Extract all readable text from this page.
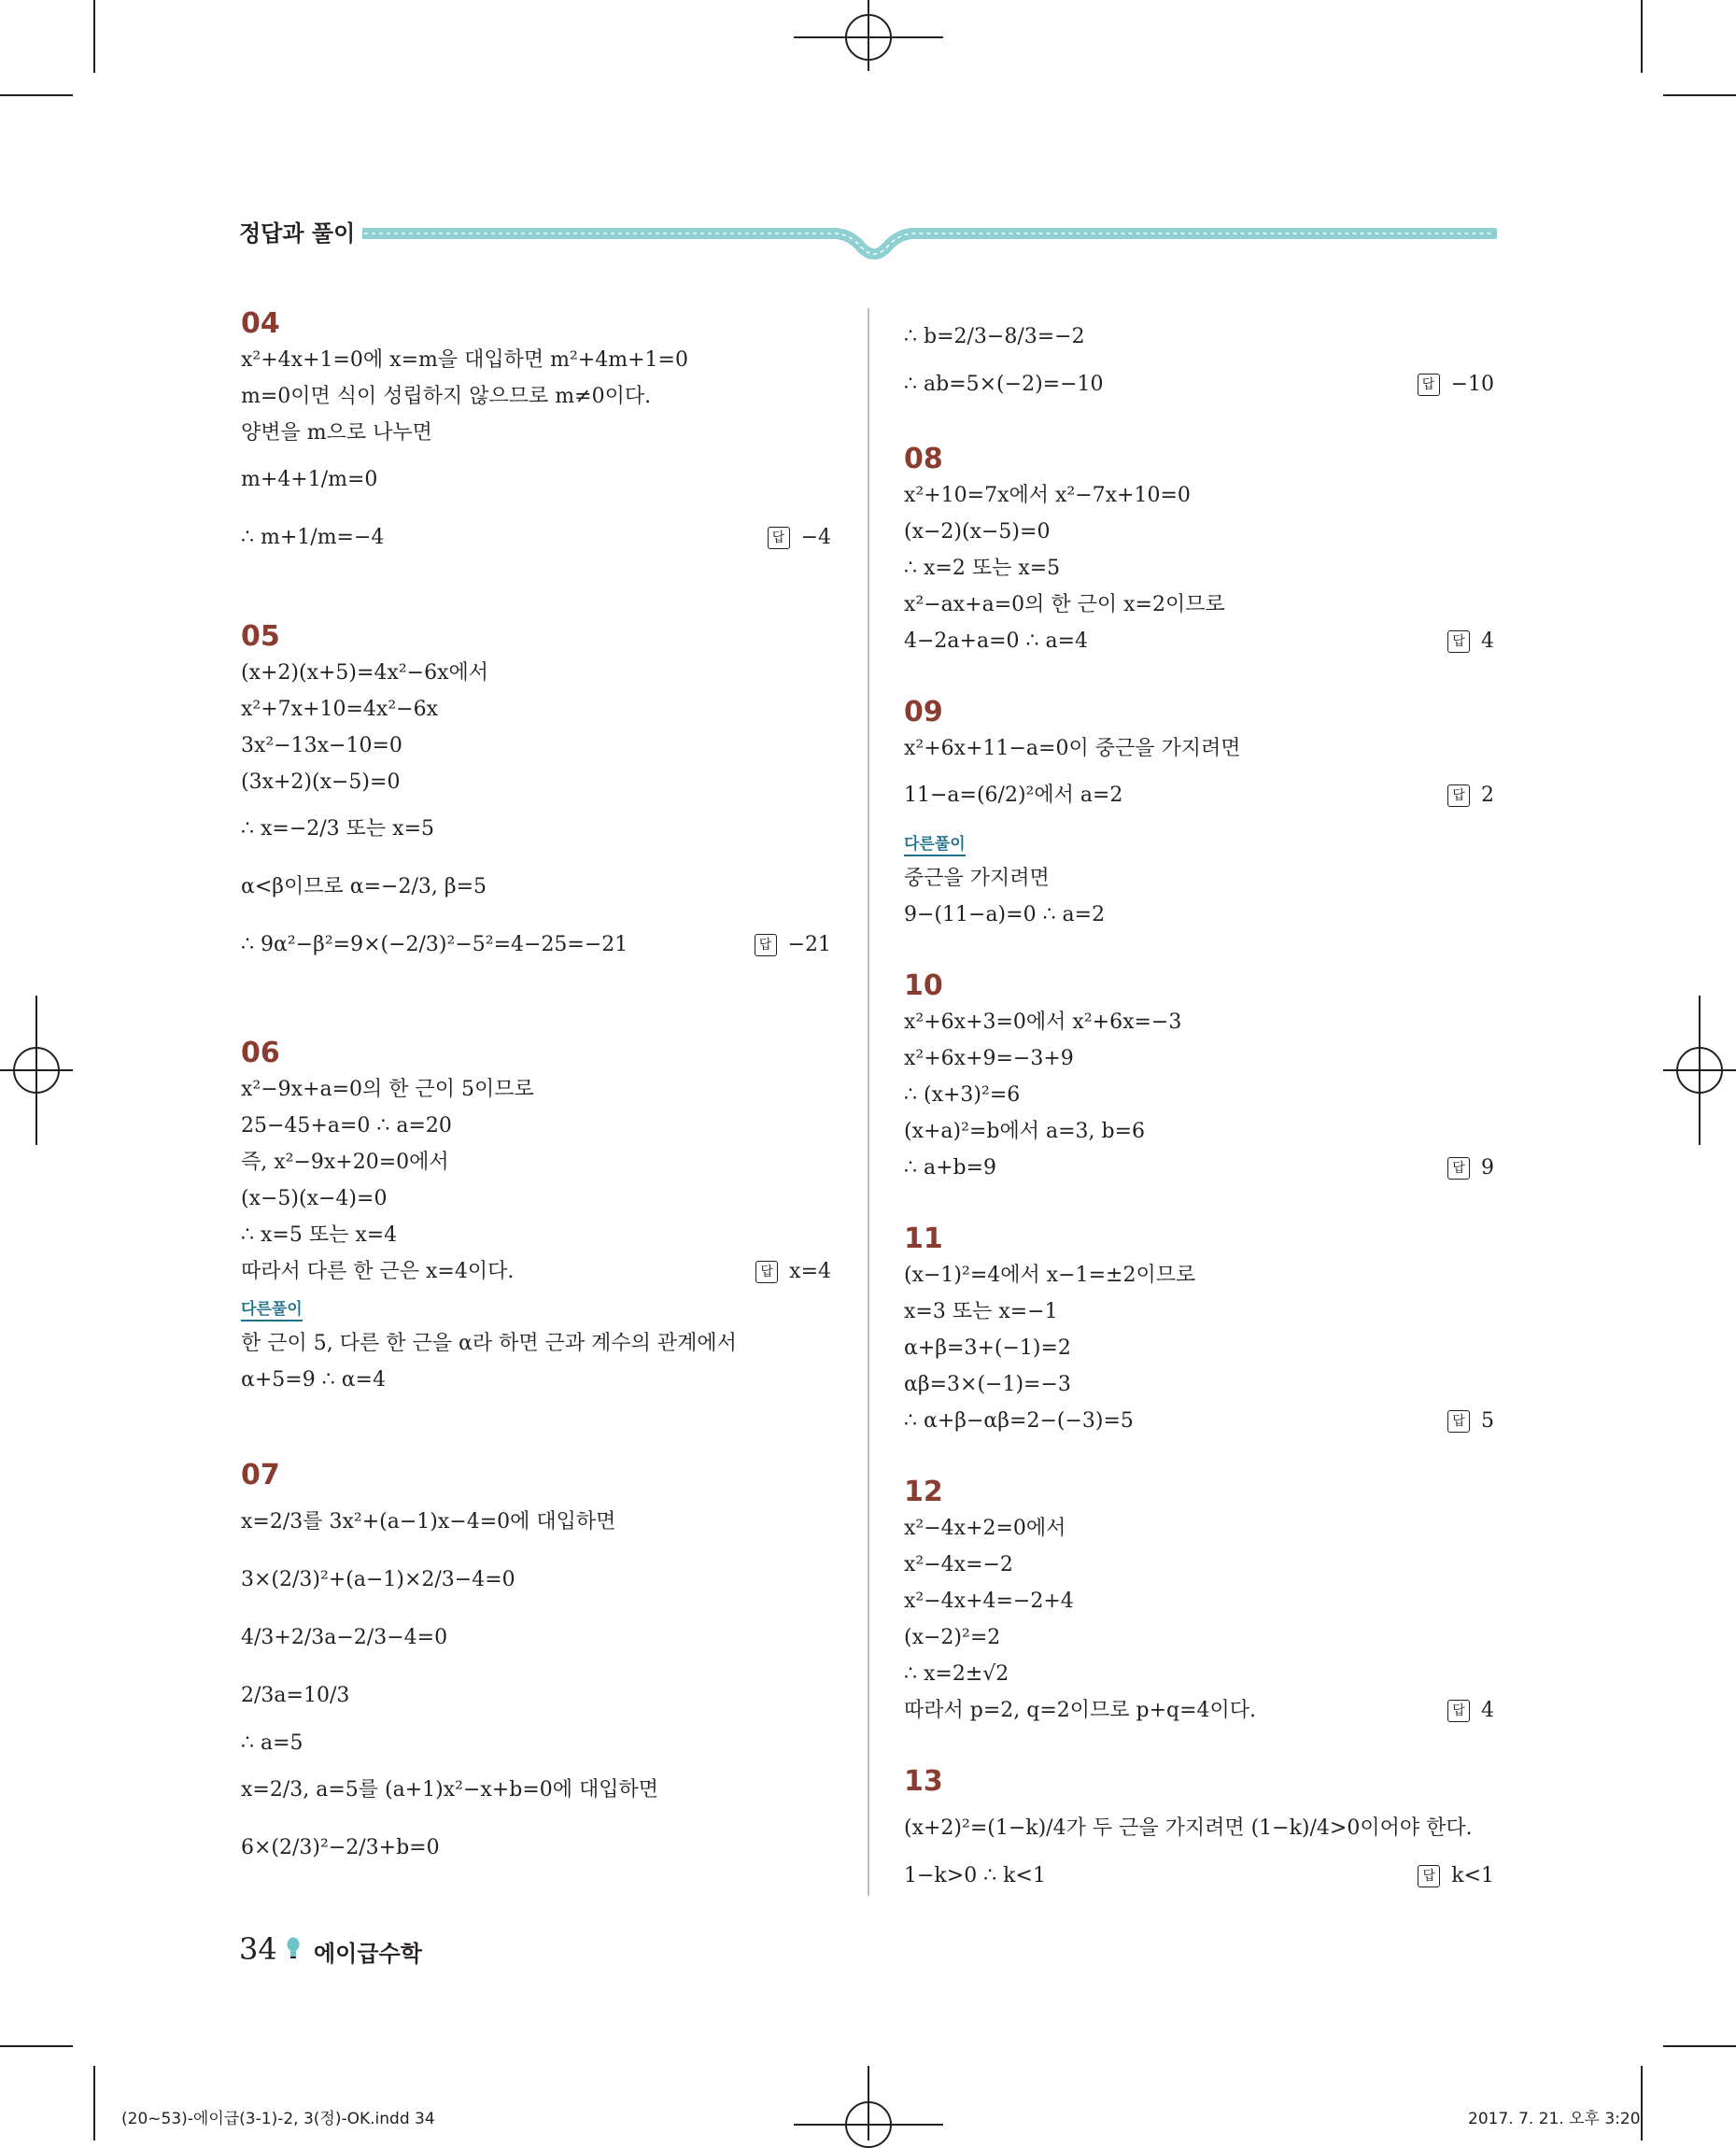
정답과 풀이
04
x²+4x+1=0에 x=m을 대입하면 m²+4m+1=0
m=0이면 식이 성립하지 않으므로 m≠0이다.
양변을 m으로 나누면
m+4+1/m=0
∴ m+1/m=−4	답 −4
05
(x+2)(x+5)=4x²−6x에서
x²+7x+10=4x²−6x
3x²−13x−10=0
(3x+2)(x−5)=0
∴ x=−2/3 또는 x=5
α<β이므로 α=−2/3, β=5
∴ 9α²−β²=9×(−2/3)²−5²=4−25=−21	답 −21
06
x²−9x+a=0의 한 근이 5이므로
25−45+a=0 ∴ a=20
즉, x²−9x+20=0에서
(x−5)(x−4)=0
∴ x=5 또는 x=4
따라서 다른 한 근은 x=4이다.	답 x=4
다른풀이
한 근이 5, 다른 한 근을 α라 하면 근과 계수의 관계에서
α+5=9 ∴ α=4
07
x=2/3를 3x²+(a−1)x−4=0에 대입하면
3×(2/3)²+(a−1)×2/3−4=0
4/3+2/3a−2/3−4=0
2/3a=10/3
∴ a=5
x=2/3, a=5를 (a+1)x²−x+b=0에 대입하면
6×(2/3)²−2/3+b=0
∴ b=2/3−8/3=−2
∴ ab=5×(−2)=−10	답 −10
08
x²+10=7x에서 x²−7x+10=0
(x−2)(x−5)=0
∴ x=2 또는 x=5
x²−ax+a=0의 한 근이 x=2이므로
4−2a+a=0 ∴ a=4	답 4
09
x²+6x+11−a=0이 중근을 가지려면
11−a=(6/2)²에서 a=2	답 2
다른풀이
중근을 가지려면
9−(11−a)=0 ∴ a=2
10
x²+6x+3=0에서 x²+6x=−3
x²+6x+9=−3+9
∴ (x+3)²=6
(x+a)²=b에서 a=3, b=6
∴ a+b=9	답 9
11
(x−1)²=4에서 x−1=±2이므로
x=3 또는 x=−1
α+β=3+(−1)=2
αβ=3×(−1)=−3
∴ α+β−αβ=2−(−3)=5	답 5
12
x²−4x+2=0에서
x²−4x=−2
x²−4x+4=−2+4
(x−2)²=2
∴ x=2±√2
따라서 p=2, q=2이므로 p+q=4이다.	답 4
13
(x+2)²=(1−k)/4가 두 근을 가지려면 (1−k)/4>0이어야 한다.
1−k>0 ∴ k<1	답 k<1
34 에이급수학
(20~53)-에이급(3-1)-2, 3(정)-OK.indd 34	2017. 7. 21. 오후 3:20
